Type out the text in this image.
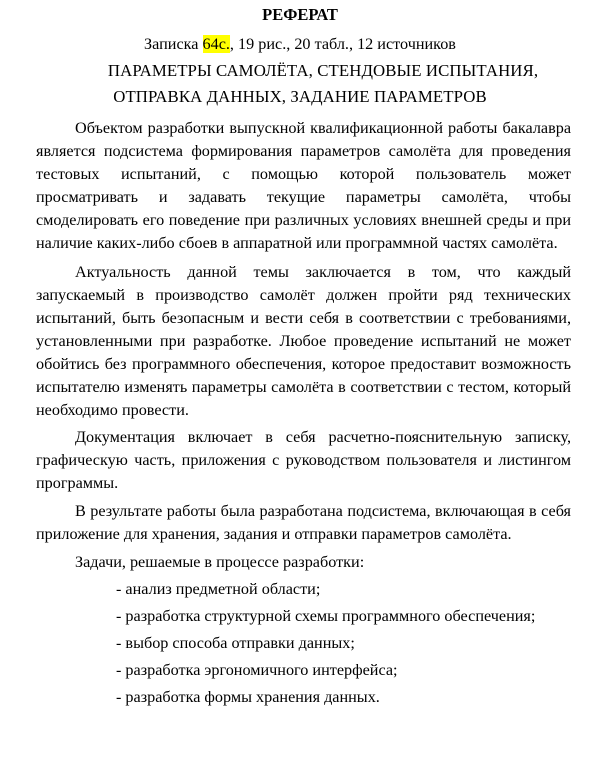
РЕФЕРАТ
Записка 64с., 19 рис., 20 табл., 12 источников
ПАРАМЕТРЫ САМОЛЁТА, СТЕНДОВЫЕ ИСПЫТАНИЯ,
ОТПРАВКА ДАННЫХ, ЗАДАНИЕ ПАРАМЕТРОВ

Объектом разработки выпускной квалификационной работы бакалавра является подсистема формирования параметров самолёта для проведения тестовых испытаний, с помощью которой пользователь может просматривать и задавать текущие параметры самолёта, чтобы смоделировать его поведение при различных условиях внешней среды и при наличие каких-либо сбоев в аппаратной или программной частях самолёта.

Актуальность данной темы заключается в том, что каждый запускаемый в производство самолёт должен пройти ряд технических испытаний, быть безопасным и вести себя в соответствии с требованиями, установленными при разработке. Любое проведение испытаний не может обойтись без программного обеспечения, которое предоставит возможность испытателю изменять параметры самолёта в соответствии с тестом, который необходимо провести.

Документация включает в себя расчетно-пояснительную записку, графическую часть, приложения с руководством пользователя и листингом программы.

В результате работы была разработана подсистема, включающая в себя приложение для хранения, задания и отправки параметров самолёта.

Задачи, решаемые в процессе разработки:

- анализ предметной области;
- разработка структурной схемы программного обеспечения;
- выбор способа отправки данных;
- разработка эргономичного интерфейса;
- разработка формы хранения данных.
